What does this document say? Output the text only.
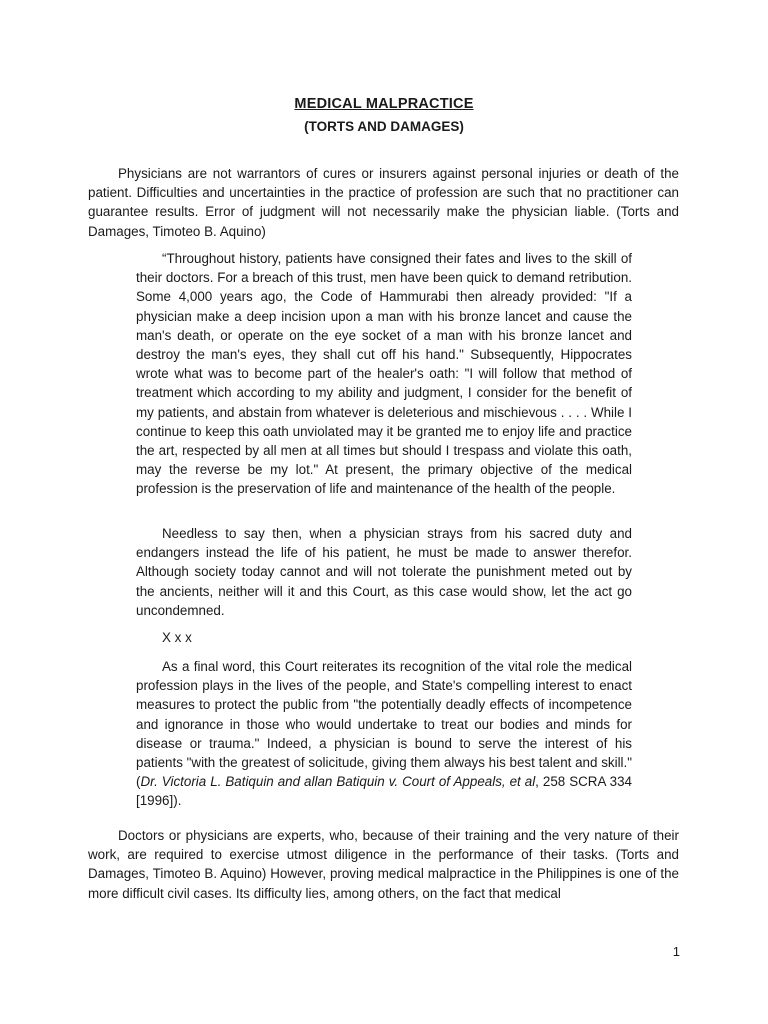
MEDICAL MALPRACTICE
(TORTS AND DAMAGES)

Physicians are not warrantors of cures or insurers against personal injuries or death of the patient. Difficulties and uncertainties in the practice of profession are such that no practitioner can guarantee results. Error of judgment will not necessarily make the physician liable. (Torts and Damages, Timoteo B. Aquino)

“Throughout history, patients have consigned their fates and lives to the skill of their doctors. For a breach of this trust, men have been quick to demand retribution. Some 4,000 years ago, the Code of Hammurabi then already provided: "If a physician make a deep incision upon a man with his bronze lancet and cause the man's death, or operate on the eye socket of a man with his bronze lancet and destroy the man's eyes, they shall cut off his hand." Subsequently, Hippocrates wrote what was to become part of the healer's oath: "I will follow that method of treatment which according to my ability and judgment, I consider for the benefit of my patients, and abstain from whatever is deleterious and mischievous . . . . While I continue to keep this oath unviolated may it be granted me to enjoy life and practice the art, respected by all men at all times but should I trespass and violate this oath, may the reverse be my lot." At present, the primary objective of the medical profession is the preservation of life and maintenance of the health of the people.

Needless to say then, when a physician strays from his sacred duty and endangers instead the life of his patient, he must be made to answer therefor. Although society today cannot and will not tolerate the punishment meted out by the ancients, neither will it and this Court, as this case would show, let the act go uncondemned.

X x x

As a final word, this Court reiterates its recognition of the vital role the medical profession plays in the lives of the people, and State's compelling interest to enact measures to protect the public from "the potentially deadly effects of incompetence and ignorance in those who would undertake to treat our bodies and minds for disease or trauma." Indeed, a physician is bound to serve the interest of his patients "with the greatest of solicitude, giving them always his best talent and skill." (Dr. Victoria L. Batiquin and allan Batiquin v. Court of Appeals, et al, 258 SCRA 334 [1996]).

Doctors or physicians are experts, who, because of their training and the very nature of their work, are required to exercise utmost diligence in the performance of their tasks. (Torts and Damages, Timoteo B. Aquino) However, proving medical malpractice in the Philippines is one of the more difficult civil cases. Its difficulty lies, among others, on the fact that medical

1
